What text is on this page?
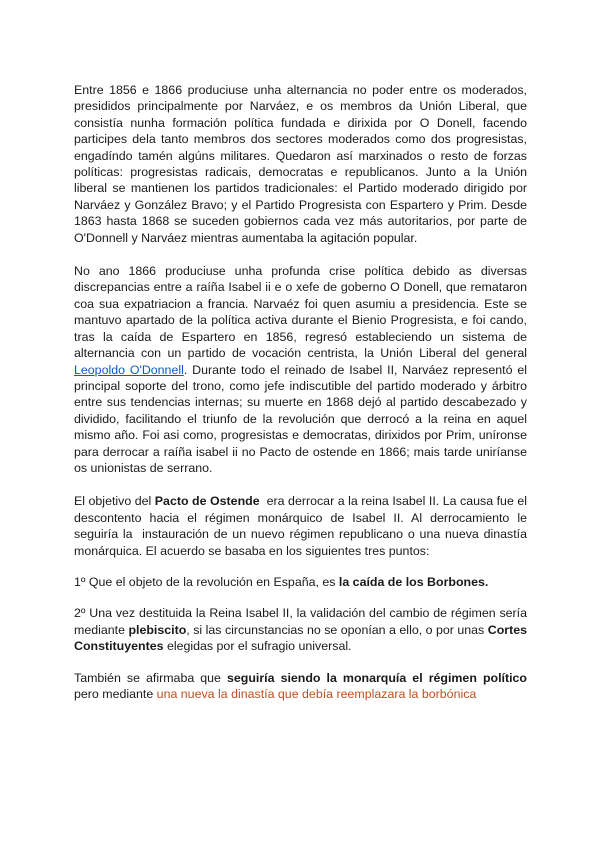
Entre 1856 e 1866 produciuse unha alternancia no poder entre os moderados, presididos principalmente por Narváez, e os membros da Unión Liberal, que consistía nunha formación política fundada e dirixida por O Donell, facendo participes dela tanto membros dos sectores moderados como dos progresistas, engadíndo tamén algúns militares. Quedaron así marxinados o resto de forzas políticas: progresistas radicais, democratas e republicanos. Junto a la Unión liberal se mantienen los partidos tradicionales: el Partido moderado dirigido por Narváez y González Bravo; y el Partido Progresista con Espartero y Prim. Desde 1863 hasta 1868 se suceden gobiernos cada vez más autoritarios, por parte de O'Donnell y Narváez mientras aumentaba la agitación popular.

No ano 1866 produciuse unha profunda crise política debido as diversas discrepancias entre a raíña Isabel ii e o xefe de goberno O Donell, que remataron coa sua expatriacion a francia. Narvaéz foi quen asumiu a presidencia. Este se mantuvo apartado de la política activa durante el Bienio Progresista, e foi cando, tras la caída de Espartero en 1856, regresó estableciendo un sistema de alternancia con un partido de vocación centrista, la Unión Liberal del general Leopoldo O'Donnell. Durante todo el reinado de Isabel II, Narváez representó el principal soporte del trono, como jefe indiscutible del partido moderado y árbitro entre sus tendencias internas; su muerte en 1868 dejó al partido descabezado y dividido, facilitando el triunfo de la revolución que derrocó a la reina en aquel mismo año. Foi asi como, progresistas e democratas, dirixidos por Prim, uníronse para derrocar a raíña isabel ii no Pacto de ostende en 1866; mais tarde uniríanse os unionistas de serrano.

El objetivo del Pacto de Ostende  era derrocar a la reina Isabel II. La causa fue el descontento hacia el régimen monárquico de Isabel II. Al derrocamiento le seguiría la  instauración de un nuevo régimen republicano o una nueva dinastía monárquica. El acuerdo se basaba en los siguientes tres puntos:

1º Que el objeto de la revolución en España, es la caída de los Borbones.

2º Una vez destituida la Reina Isabel II, la validación del cambio de régimen sería mediante plebiscito, si las circunstancias no se oponían a ello, o por unas Cortes Constituyentes elegidas por el sufragio universal.

También se afirmaba que seguiría siendo la monarquía el régimen político pero mediante una nueva la dinastía que debía reemplazara la borbónica
